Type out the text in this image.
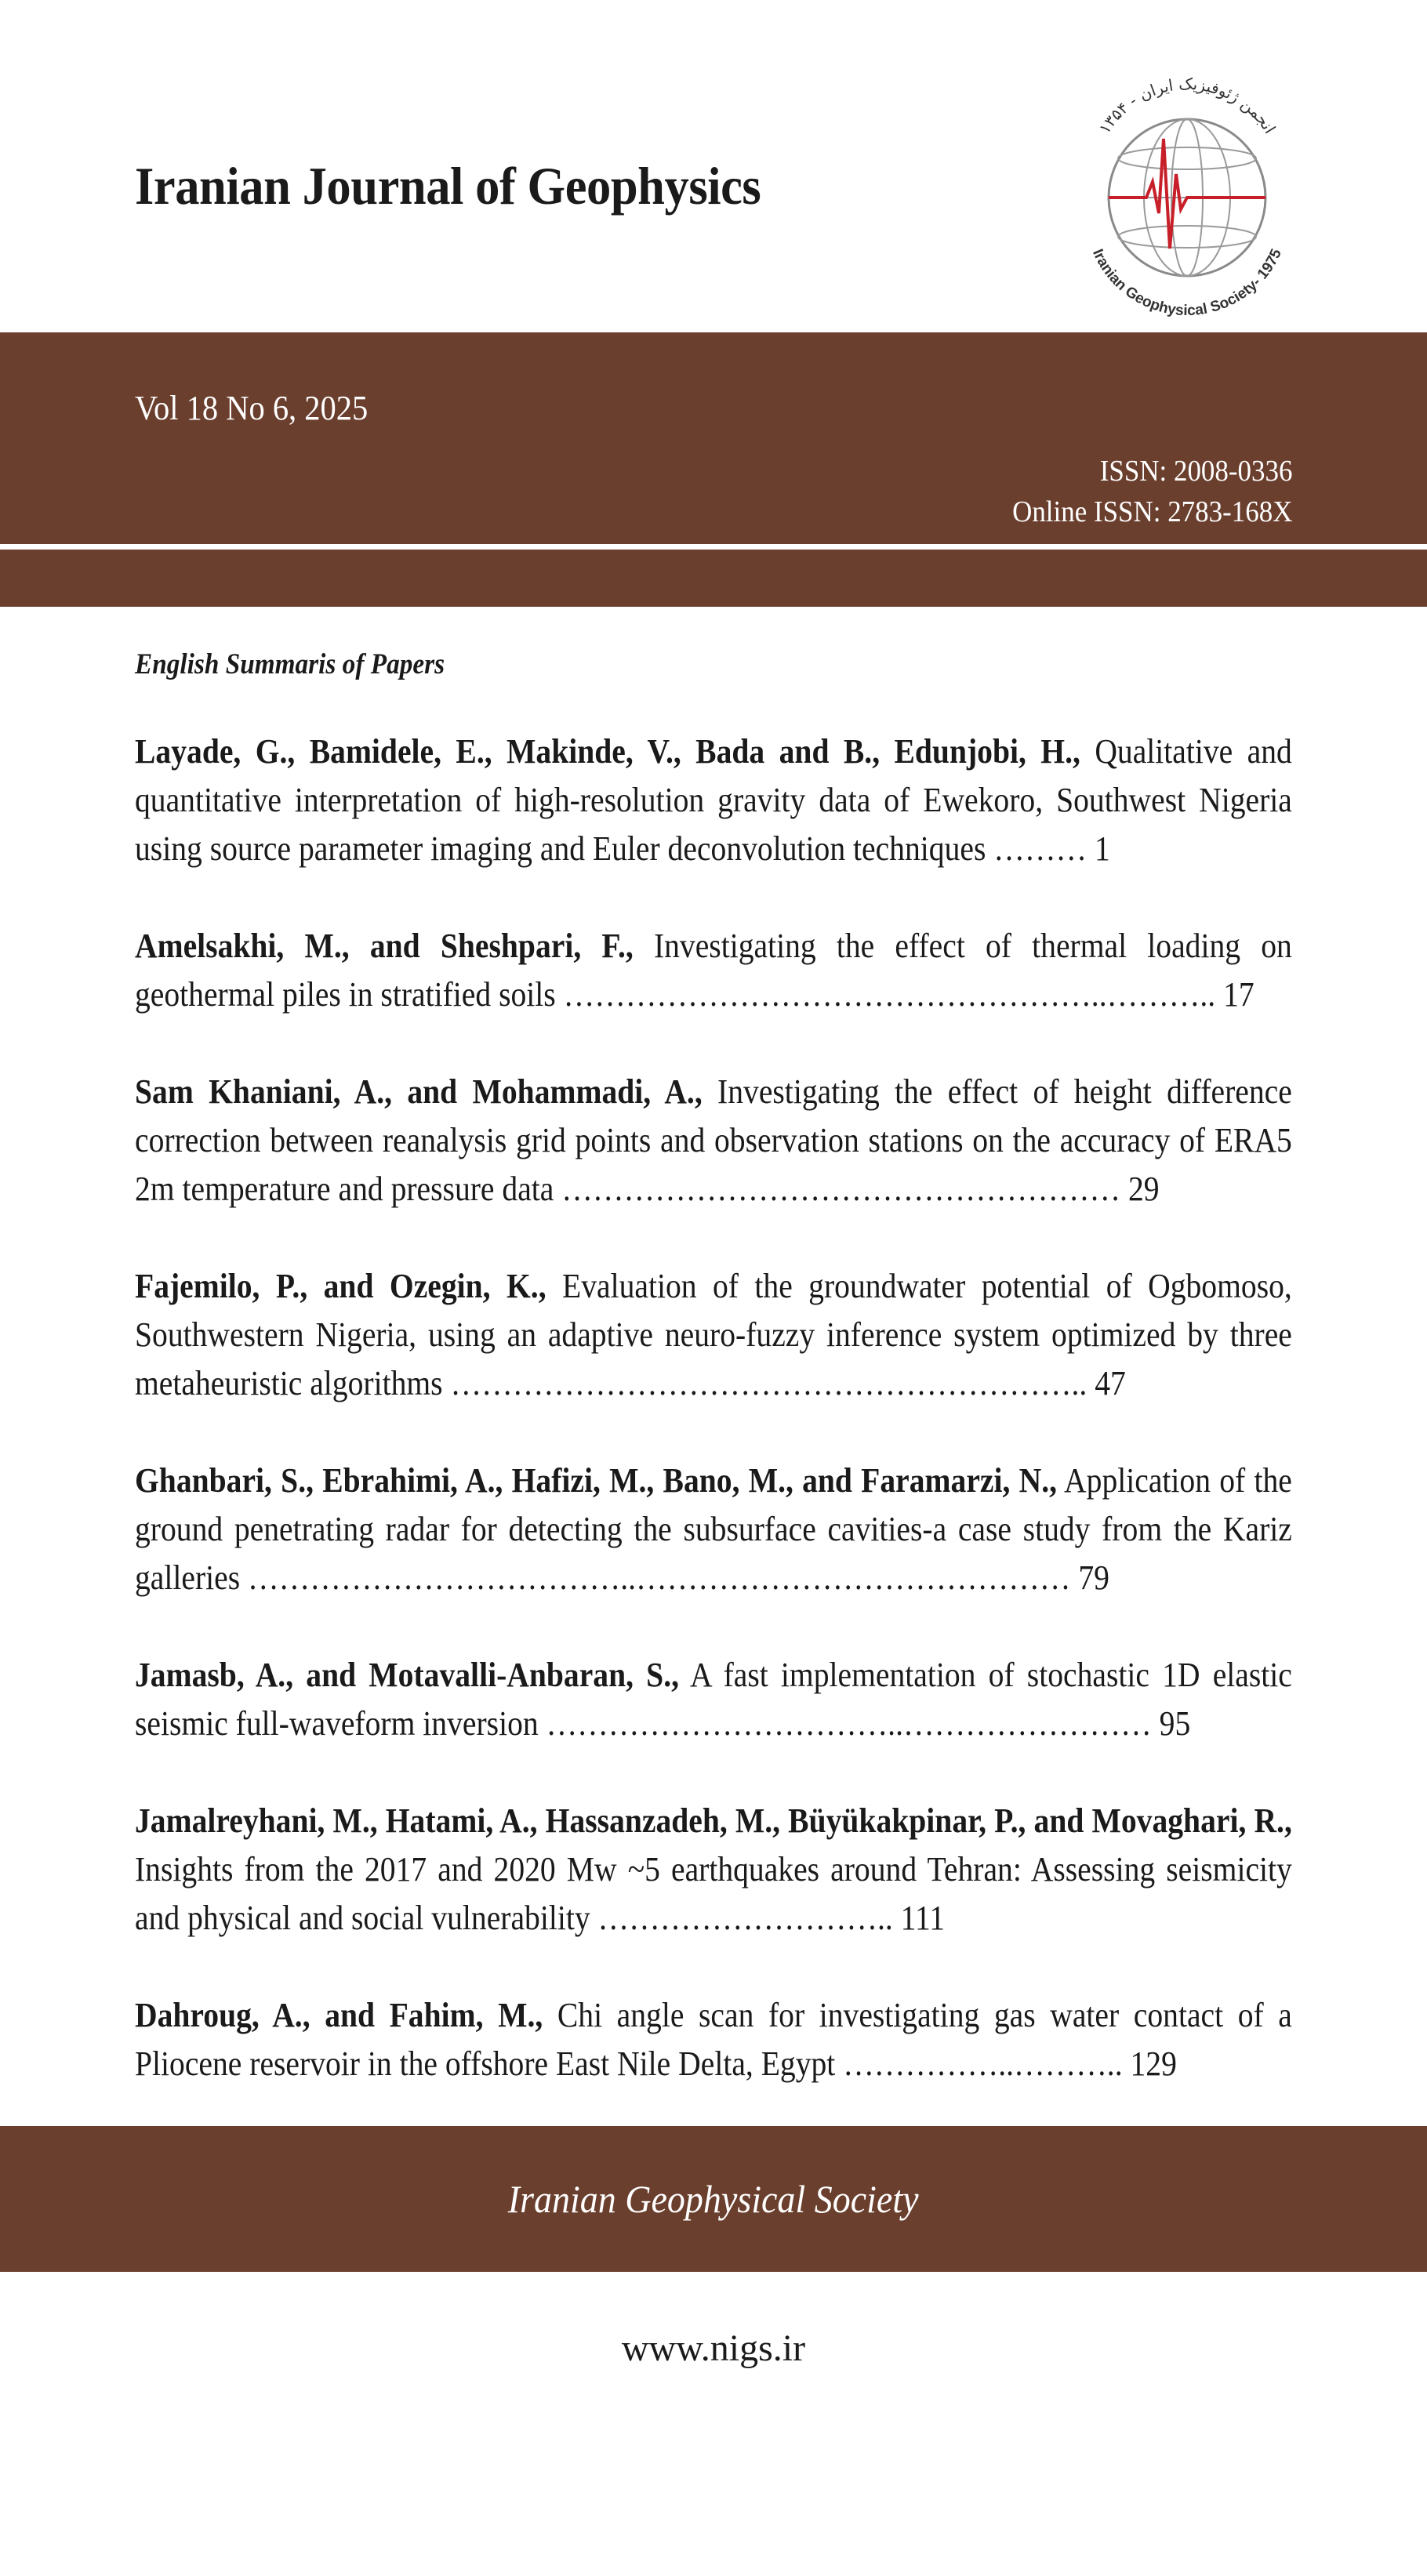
Iranian Journal of Geophysics
انجمن ژئوفیزیک ایران - ۱۳۵۴
Iranian Geophysical Society- 1975
Vol 18 No 6, 2025
ISSN: 2008-0336
Online ISSN: 2783-168X
English Summaris of Papers

Layade, G., Bamidele, E., Makinde, V., Bada and B., Edunjobi, H., Qualitative and quantitative interpretation of high-resolution gravity data of Ewekoro, Southwest Nigeria using source parameter imaging and Euler deconvolution techniques ……… 1

Amelsakhi, M., and Sheshpari, F., Investigating the effect of thermal loading on geothermal piles in stratified soils ……………………………………………..……….. 17

Sam Khaniani, A., and Mohammadi, A., Investigating the effect of height difference correction between reanalysis grid points and observation stations on the accuracy of ERA5 2m temperature and pressure data ……………………………………………… 29

Fajemilo, P., and Ozegin, K., Evaluation of the groundwater potential of Ogbomoso, Southwestern Nigeria, using an adaptive neuro-fuzzy inference system optimized by three metaheuristic algorithms …………………………………………………….. 47

Ghanbari, S., Ebrahimi, A., Hafizi, M., Bano, M., and Faramarzi, N., Application of the ground penetrating radar for detecting the subsurface cavities-a case study from the Kariz galleries ………………………………..…………………………………… 79

Jamasb, A., and Motavalli-Anbaran, S., A fast implementation of stochastic 1D elastic seismic full-waveform inversion ……………………………..…………………… 95

Jamalreyhani, M., Hatami, A., Hassanzadeh, M., Büyükakpinar, P., and Movaghari, R., Insights from the 2017 and 2020 Mw ~5 earthquakes around Tehran: Assessing seismicity and physical and social vulnerability ……………………….. 111

Dahroug, A., and Fahim, M., Chi angle scan for investigating gas water contact of a Pliocene reservoir in the offshore East Nile Delta, Egypt ……………..……….. 129

Iranian Geophysical Society
www.nigs.ir
